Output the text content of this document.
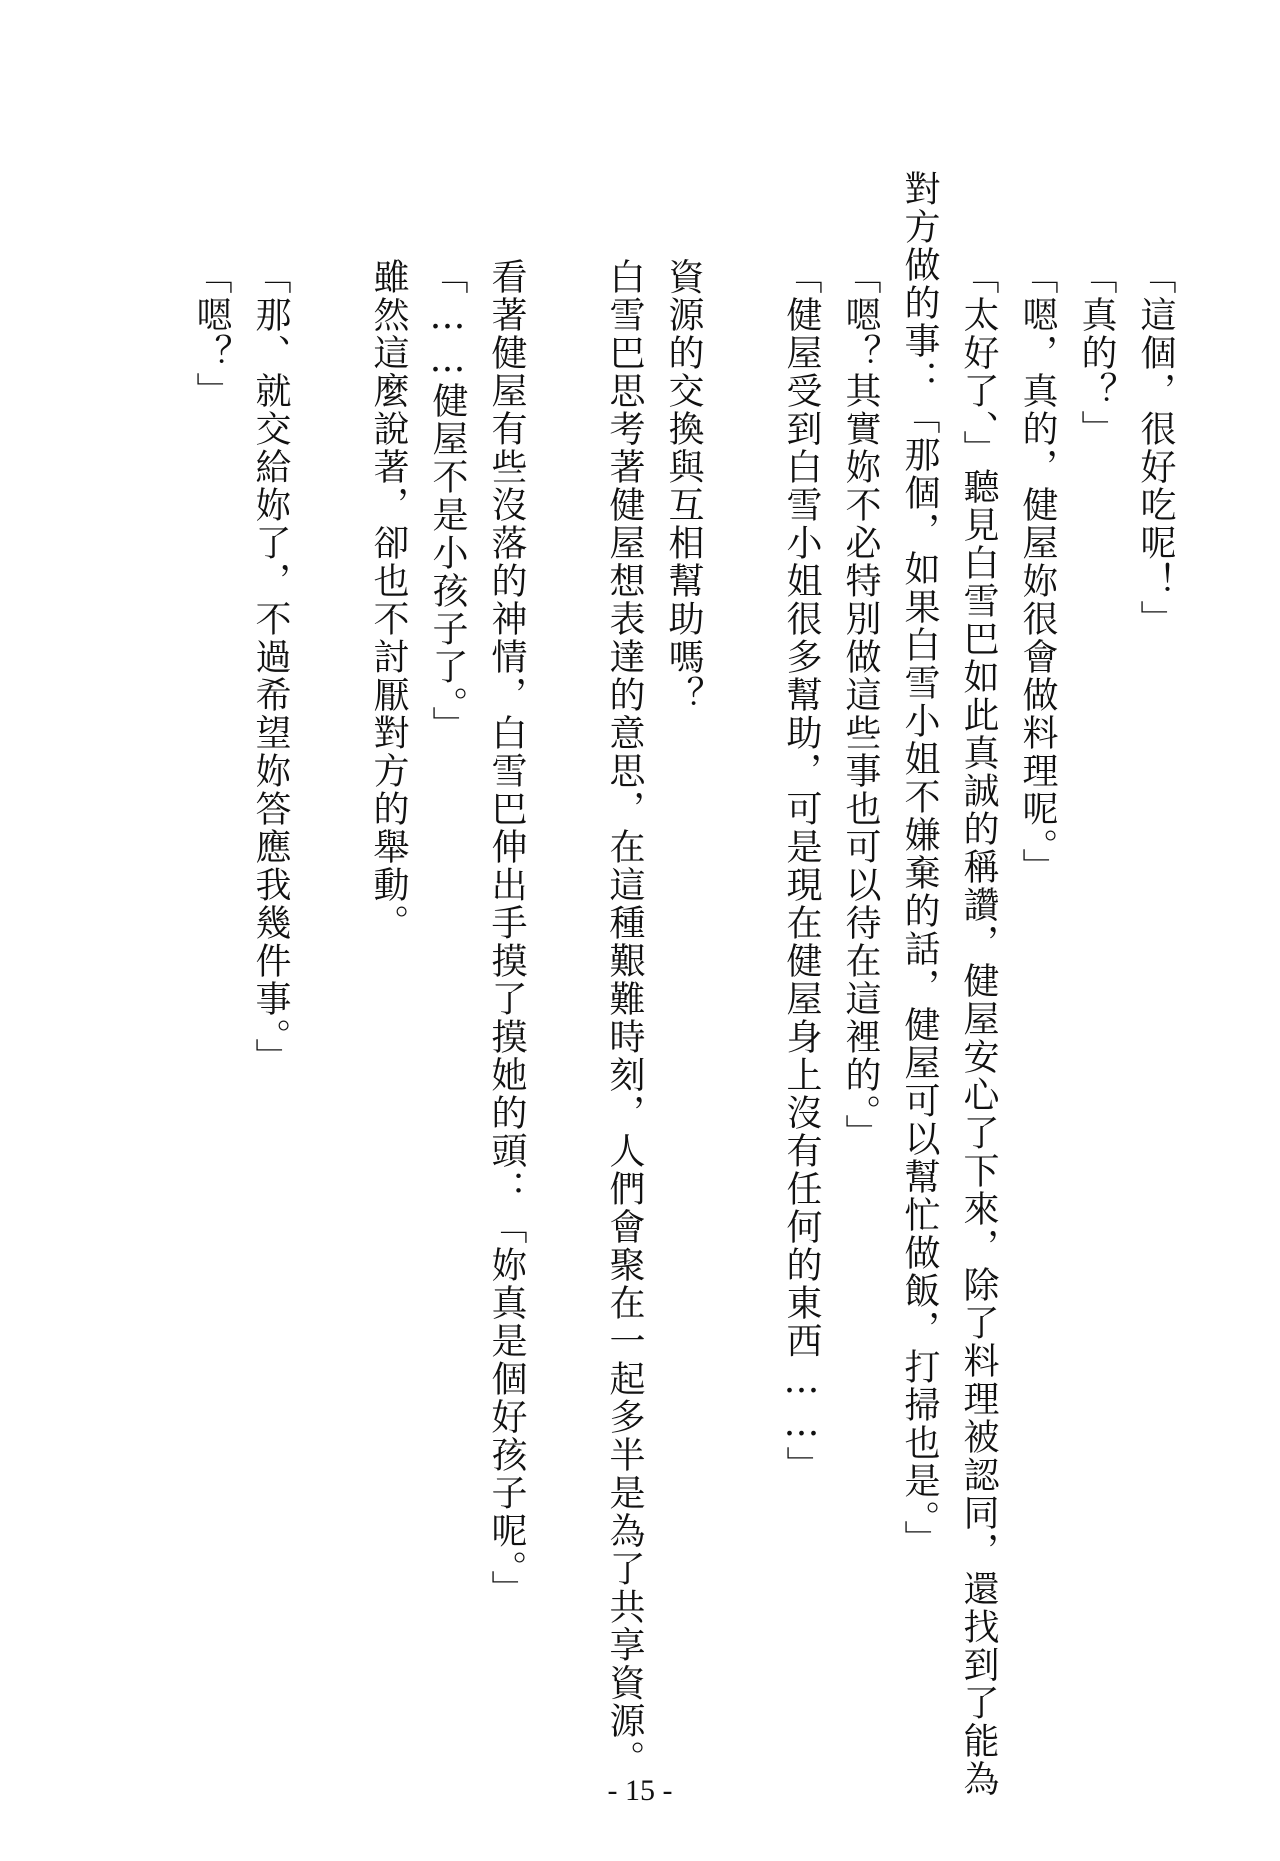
「這個，很好吃呢！」

「真的？」

「嗯，真的，健屋妳很會做料理呢。」

「太好了、」聽見白雪巴如此真誠的稱讚，健屋安心了下來，除了料理被認同，還找到了能為

對方做的事：「那個，如果白雪小姐不嫌棄的話，健屋可以幫忙做飯，打掃也是。」

「嗯？其實妳不必特別做這些事也可以待在這裡的。」

「健屋受到白雪小姐很多幫助，可是現在健屋身上沒有任何的東西……」

資源的交換與互相幫助嗎？

白雪巴思考著健屋想表達的意思，在這種艱難時刻，人們會聚在一起多半是為了共享資源。

看著健屋有些沒落的神情，白雪巴伸出手摸了摸她的頭：「妳真是個好孩子呢。」

「……健屋不是小孩子了。」

雖然這麼說著，卻也不討厭對方的舉動。

「那、就交給妳了，不過希望妳答應我幾件事。」

「嗯？」

- 15 -
